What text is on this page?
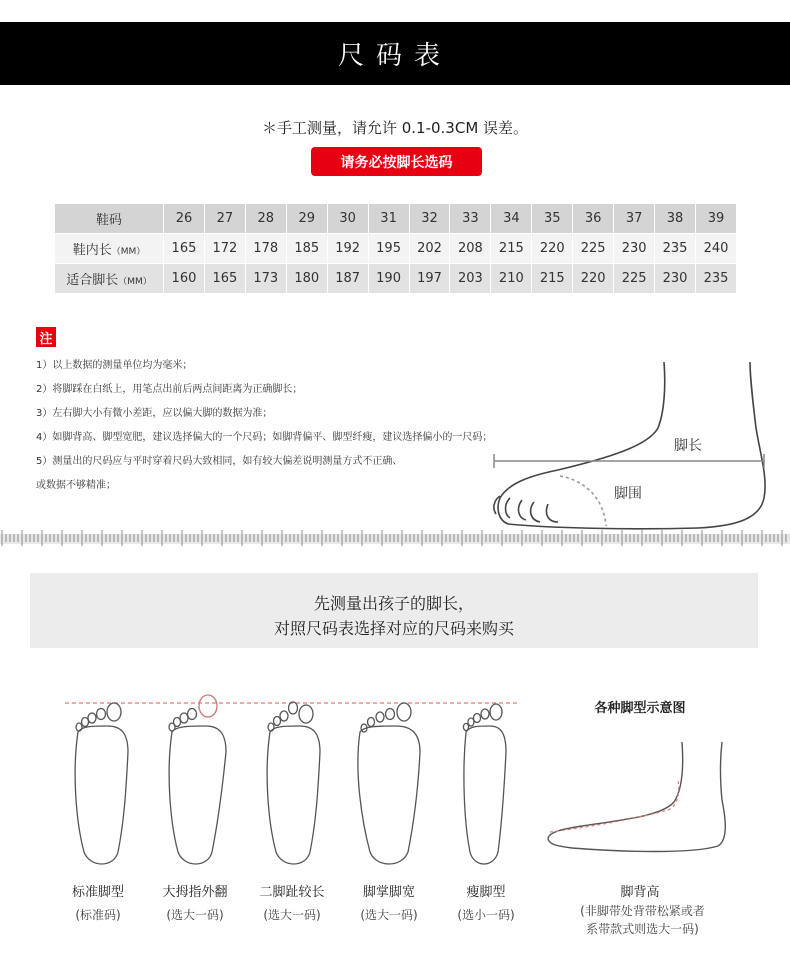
尺码表
＊手工测量，请允许 0.1-0.3CM 误差。
请务必按脚长选码
鞋码	26	27	28	29	30	31	32	33	34	35	36	37	38	39
鞋内长（MM）	165	172	178	185	192	195	202	208	215	220	225	230	235	240
适合脚长（MM）	160	165	173	180	187	190	197	203	210	215	220	225	230	235
注
1）以上数据的测量单位均为毫米；
2）将脚踩在白纸上，用笔点出前后两点间距离为正确脚长；
3）左右脚大小有微小差距，应以偏大脚的数据为准；
4）如脚背高、脚型宽肥，建议选择偏大的一个尺码；如脚背偏平、脚型纤瘦，建议选择偏小的一尺码；
5）测量出的尺码应与平时穿着尺码大致相同，如有较大偏差说明测量方式不正确、
或数据不够精准；
脚长
脚围
先测量出孩子的脚长，
对照尺码表选择对应的尺码来购买
标准脚型
(标准码)
大拇指外翻
(选大一码)
二脚趾较长
(选大一码)
脚掌脚宽
(选大一码)
瘦脚型
(选小一码)
各种脚型示意图
脚背高
(非脚带处背带松紧或者
系带款式则选大一码)
